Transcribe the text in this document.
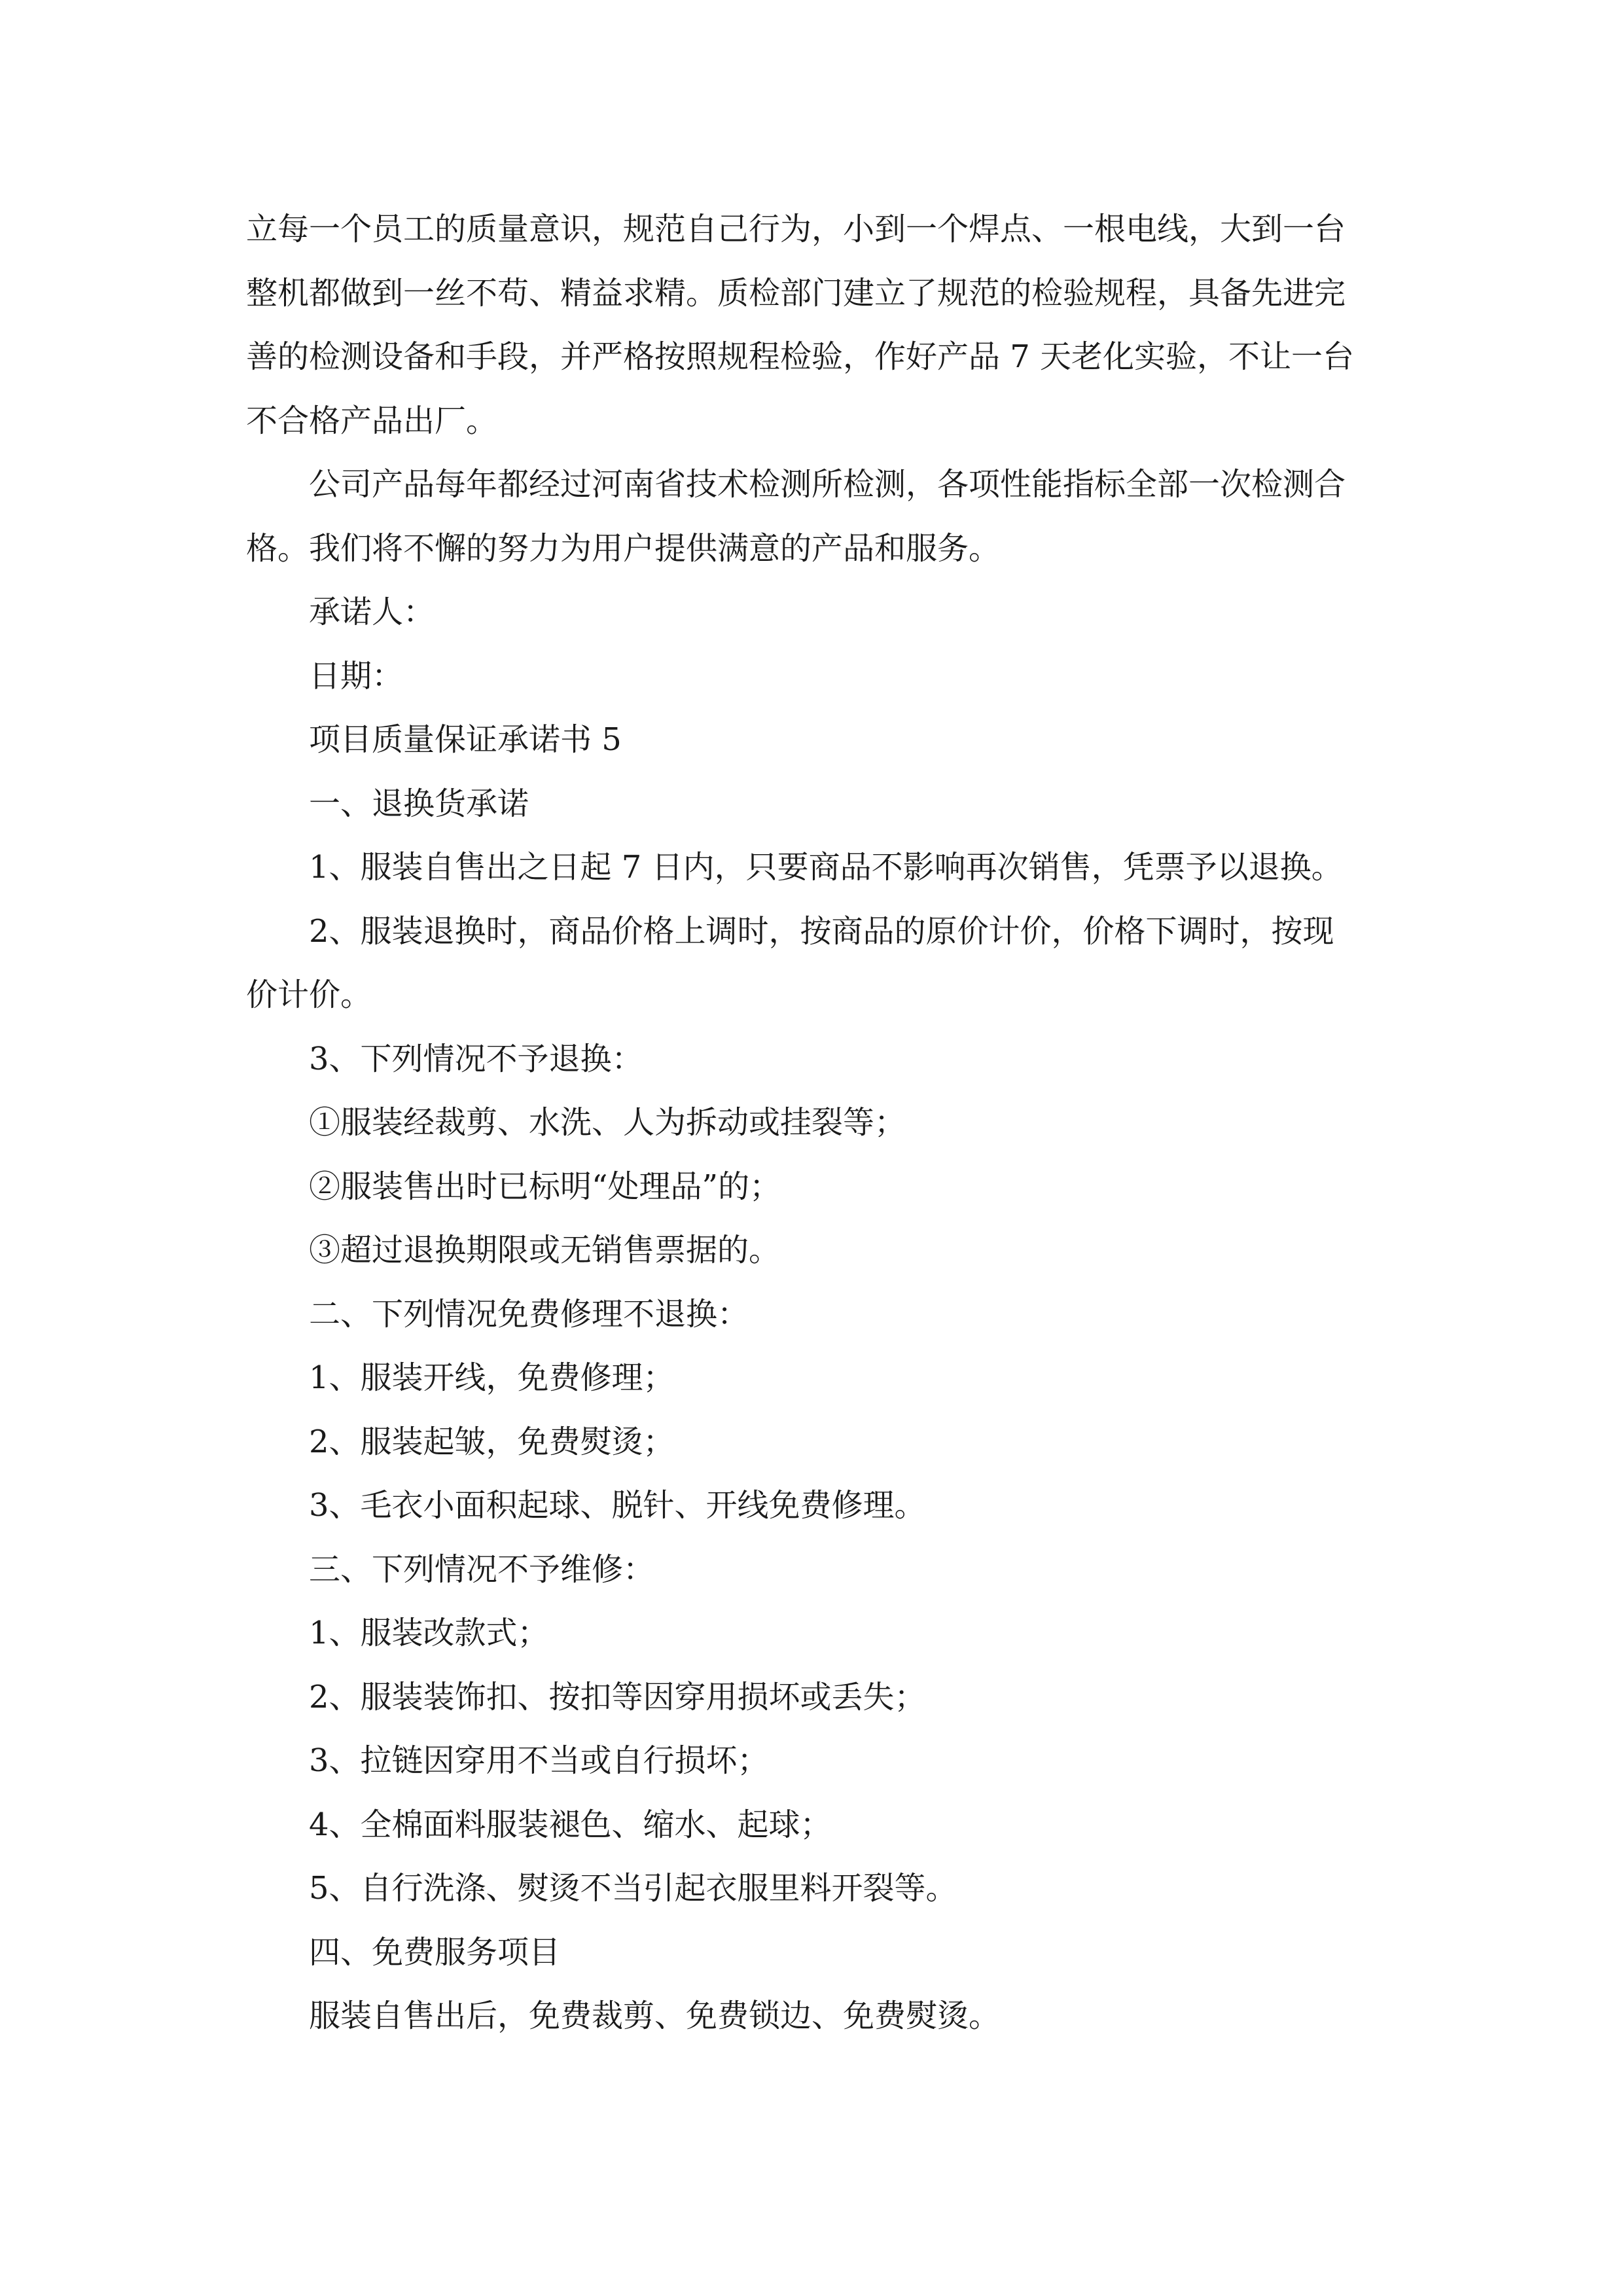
立每一个员工的质量意识，规范自己行为，小到一个焊点、一根电线，大到一台
整机都做到一丝不苟、精益求精。质检部门建立了规范的检验规程，具备先进完
善的检测设备和手段，并严格按照规程检验，作好产品 7 天老化实验，不让一台
不合格产品出厂。
公司产品每年都经过河南省技术检测所检测，各项性能指标全部一次检测合
格。我们将不懈的努力为用户提供满意的产品和服务。
承诺人：
日期：
项目质量保证承诺书 5
一、退换货承诺
1、服装自售出之日起 7 日内，只要商品不影响再次销售，凭票予以退换。
2、服装退换时，商品价格上调时，按商品的原价计价，价格下调时，按现
价计价。
3、下列情况不予退换：
①服装经裁剪、水洗、人为拆动或挂裂等；
②服装售出时已标明“处理品”的；
③超过退换期限或无销售票据的。
二、下列情况免费修理不退换：
1、服装开线，免费修理；
2、服装起皱，免费熨烫；
3、毛衣小面积起球、脱针、开线免费修理。
三、下列情况不予维修：
1、服装改款式；
2、服装装饰扣、按扣等因穿用损坏或丢失；
3、拉链因穿用不当或自行损坏；
4、全棉面料服装褪色、缩水、起球；
5、自行洗涤、熨烫不当引起衣服里料开裂等。
四、免费服务项目
服装自售出后，免费裁剪、免费锁边、免费熨烫。
